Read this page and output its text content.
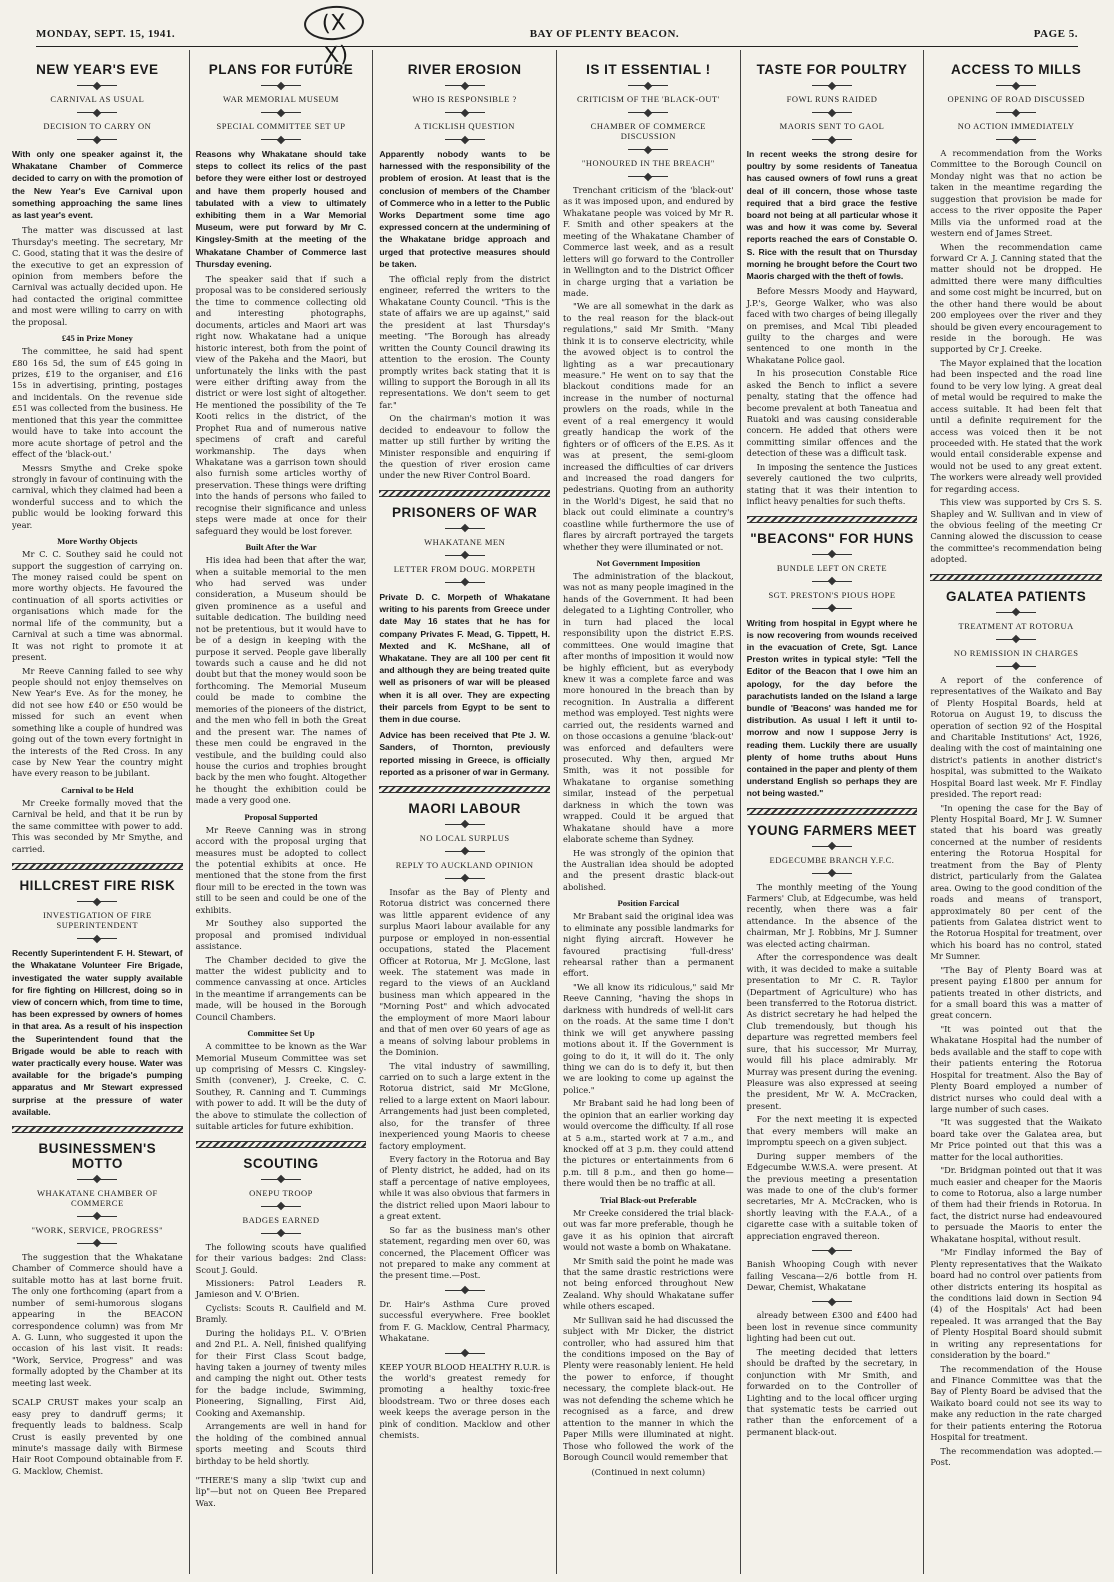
MONDAY, SEPT. 15, 1941.	(X X)
BAY OF PLENTY BEACON.	PAGE 5.
NEW YEAR'S EVE
CARNIVAL AS USUAL
DECISION TO CARRY ON
With only one speaker against it, the Whakatane Chamber of Commerce decided to carry on with the promotion of the New Year's Eve Carnival upon something approaching the same lines as last year's event.

The matter was discussed at last Thursday's meeting. The secretary, Mr C. Good, stating that it was the desire of the executive to get an expression of opinion from members before the Carnival was actually decided upon. He had contacted the original committee and most were willing to carry on with the proposal.

£45 in Prize Money

The committee, he said had spent £80 16s 5d, the sum of £45 going in prizes, £19 to the organiser, and £16 15s in advertising, printing, postages and incidentals. On the revenue side £51 was collected from the business. He mentioned that this year the committee would have to take into account the more acute shortage of petrol and the effect of the 'black-out.'

Messrs Smythe and Creke spoke strongly in favour of continuing with the carnival, which they claimed had been a wonderful success and to which the public would be looking forward this year.

More Worthy Objects

Mr C. C. Southey said he could not support the suggestion of carrying on. The money raised could be spent on more worthy objects. He favoured the continuation of all sports activities or organisations which made for the normal life of the community, but a Carnival at such a time was abnormal. It was not right to promote it at present.

Mr Reeve Canning failed to see why people should not enjoy themselves on New Year's Eve. As for the money, he did not see how £40 or £50 would be missed for such an event when something like a couple of hundred was going out of the town every fortnight in the interests of the Red Cross. In any case by New Year the country might have every reason to be jubilant.

Carnival to be Held

Mr Creeke formally moved that the Carnival be held, and that it be run by the same committee with power to add. This was seconded by Mr Smythe, and carried.

HILLCREST FIRE RISK
INVESTIGATION OF FIRE SUPERINTENDENT
Recently Superintendent F. H. Stewart, of the Whakatane Volunteer Fire Brigade, investigated the water supply available for fire fighting on Hillcrest, doing so in view of concern which, from time to time, has been expressed by owners of homes in that area. As a result of his inspection the Superintendent found that the Brigade would be able to reach with water practically every house. Water was available for the brigade's pumping apparatus and Mr Stewart expressed surprise at the pressure of water available.
BUSINESSMEN'S MOTTO
WHAKATANE CHAMBER OF COMMERCE
"WORK, SERVICE, PROGRESS"

The suggestion that the Whakatane Chamber of Commerce should have a suitable motto has at last borne fruit. The only one forthcoming (apart from a number of semi-humorous slogans appearing in the BEACON correspondence column) was from Mr A. G. Lunn, who suggested it upon the occasion of his last visit. It reads: "Work, Service, Progress" and was formally adopted by the Chamber at its meeting last week.

SCALP CRUST makes your scalp an easy prey to dandruff germs; it frequently leads to baldness. Scalp Crust is easily prevented by one minute's massage daily with Birmese Hair Root Compound obtainable from F. G. Macklow, Chemist.
PLANS FOR FUTURE
WAR MEMORIAL MUSEUM
SPECIAL COMMITTEE SET UP
Reasons why Whakatane should take steps to collect its relics of the past before they were either lost or destroyed and have them properly housed and tabulated with a view to ultimately exhibiting them in a War Memorial Museum, were put forward by Mr C. Kingsley-Smith at the meeting of the Whakatane Chamber of Commerce last Thursday evening.

The speaker said that if such a proposal was to be considered seriously the time to commence collecting old and interesting photographs, documents, articles and Maori art was right now. Whakatane had a unique historic interest, both from the point of view of the Pakeha and the Maori, but unfortunately the links with the past were either drifting away from the district or were lost sight of altogether. He mentioned the possibility of the Te Kooti relics in the district, of the Prophet Rua and of numerous native specimens of craft and careful workmanship. The days when Whakatane was a garrison town should also furnish some articles worthy of preservation. These things were drifting into the hands of persons who failed to recognise their significance and unless steps were made at once for their safeguard they would be lost forever.

Built After the War

His idea had been that after the war, when a suitable memorial to the men who had served was under consideration, a Museum should be given prominence as a useful and suitable dedication. The building need not be pretentious, but it would have to be of a design in keeping with the purpose it served. People gave liberally towards such a cause and he did not doubt but that the money would soon be forthcoming. The Memorial Museum could be made to combine the memories of the pioneers of the district, and the men who fell in both the Great and the present war. The names of these men could be engraved in the vestibule, and the building could also house the curios and trophies brought back by the men who fought. Altogether he thought the exhibition could be made a very good one.

Proposal Supported

Mr Reeve Canning was in strong accord with the proposal urging that measures must be adopted to collect the potential exhibits at once. He mentioned that the stone from the first flour mill to be erected in the town was still to be seen and could be one of the exhibits.

Mr Southey also supported the proposal and promised individual assistance.

The Chamber decided to give the matter the widest publicity and to commence canvassing at once. Articles in the meantime if arrangements can be made, will be housed in the Borough Council Chambers.

Committee Set Up

A committee to be known as the War Memorial Museum Committee was set up comprising of Messrs C. Kingsley-Smith (convener), J. Creeke, C. C. Southey, R. Canning and T. Cummings with power to add. It will be the duty of the above to stimulate the collection of suitable articles for future exhibition.

SCOUTING
ONEPU TROOP
BADGES EARNED

The following scouts have qualified for their various badges: 2nd Class: Scout J. Gould.

Missioners: Patrol Leaders R. Jamieson and V. O'Brien.

Cyclists: Scouts R. Caulfield and M. Bramly.

During the holidays P.L. V. O'Brien and 2nd P.L. A. Nell, finished qualifying for their First Class Scout badge, having taken a journey of twenty miles and camping the night out. Other tests for the badge include, Swimming, Pioneering, Signalling, First Aid, Cooking and Axemanship.

Arrangements are well in hand for the holding of the combined annual sports meeting and Scouts third birthday to be held shortly.

"THERE'S many a slip 'twixt cup and lip"—but not on Queen Bee Prepared Wax.
RIVER EROSION
WHO IS RESPONSIBLE ?
A TICKLISH QUESTION
Apparently nobody wants to be harnessed with the responsibility of the problem of erosion. At least that is the conclusion of members of the Chamber of Commerce who in a letter to the Public Works Department some time ago expressed concern at the undermining of the Whakatane bridge approach and urged that protective measures should be taken.

The official reply from the district engineer, referred the writers to the Whakatane County Council. "This is the state of affairs we are up against," said the president at last Thursday's meeting. "The Borough has already written the County Council drawing its attention to the erosion. The County promptly writes back stating that it is willing to support the Borough in all its representations. We don't seem to get far."

On the chairman's motion it was decided to endeavour to follow the matter up still further by writing the Minister responsible and enquiring if the question of river erosion came under the new River Control Board.

PRISONERS OF WAR
WHAKATANE MEN
LETTER FROM DOUG. MORPETH
Private D. C. Morpeth of Whakatane writing to his parents from Greece under date May 16 states that he has for company Privates F. Mead, G. Tippett, H. Mexted and K. McShane, all of Whakatane. They are all 100 per cent fit and although they are being treated quite well as prisoners of war will be pleased when it is all over. They are expecting their parcels from Egypt to be sent to them in due course.
Advice has been received that Pte J. W. Sanders, of Thornton, previously reported missing in Greece, is officially reported as a prisoner of war in Germany.
MAORI LABOUR
NO LOCAL SURPLUS
REPLY TO AUCKLAND OPINION

Insofar as the Bay of Plenty and Rotorua district was concerned there was little apparent evidence of any surplus Maori labour available for any purpose or employed in non-essential occupations, stated the Placement Officer at Rotorua, Mr J. McGlone, last week. The statement was made in regard to the views of an Auckland business man which appeared in the "Morning Post" and which advocated the employment of more Maori labour and that of men over 60 years of age as a means of solving labour problems in the Dominion.

The vital industry of sawmilling, carried on to such a large extent in the Rotorua district, said Mr McGlone, relied to a large extent on Maori labour. Arrangements had just been completed, also, for the transfer of three inexperienced young Maoris to cheese factory employment.

Every factory in the Rotorua and Bay of Plenty district, he added, had on its staff a percentage of native employees, while it was also obvious that farmers in the district relied upon Maori labour to a great extent.

So far as the business man's other statement, regarding men over 60, was concerned, the Placement Officer was not prepared to make any comment at the present time.—Post.

Dr. Hair's Asthma Cure proved successful everywhere. Free booklet from F. G. Macklow, Central Pharmacy, Whakatane.
KEEP YOUR BLOOD HEALTHY R.U.R. is the world's greatest remedy for promoting a healthy toxic-free bloodstream. Two or three doses each week keeps the average person in the pink of condition. Macklow and other chemists.
IS IT ESSENTIAL !
CRITICISM OF THE 'BLACK-OUT'
CHAMBER OF COMMERCE DISCUSSION
"HONOURED IN THE BREACH"

Trenchant criticism of the 'black-out' as it was imposed upon, and endured by Whakatane people was voiced by Mr R. F. Smith and other speakers at the meeting of the Whakatane Chamber of Commerce last week, and as a result letters will go forward to the Controller in Wellington and to the District Officer in charge urging that a variation be made.

"We are all somewhat in the dark as to the real reason for the black-out regulations," said Mr Smith. "Many think it is to conserve electricity, while the avowed object is to control the lighting as a war precautionary measure." He went on to say that the blackout conditions made for an increase in the number of nocturnal prowlers on the roads, while in the event of a real emergency it would greatly handicap the work of the fighters or of officers of the E.P.S. As it was at present, the semi-gloom increased the difficulties of car drivers and increased the road dangers for pedestrians. Quoting from an authority in the World's Digest, he said that no black out could eliminate a country's coastline while furthermore the use of flares by aircraft portrayed the targets whether they were illuminated or not.

Not Government Imposition

The administration of the blackout, was not as many people imagined in the hands of the Government. It had been delegated to a Lighting Controller, who in turn had placed the local responsibility upon the district E.P.S. committees. One would imagine that after months of imposition it would now be highly efficient, but as everybody knew it was a complete farce and was more honoured in the breach than by recognition. In Australia a different method was employed. Test nights were carried out, the residents warned and on those occasions a genuine 'black-out' was enforced and defaulters were prosecuted. Why then, argued Mr Smith, was it not possible for Whakatane to organise something similar, instead of the perpetual darkness in which the town was wrapped. Could it be argued that Whakatane should have a more elaborate scheme than Sydney.

He was strongly of the opinion that the Australian idea should be adopted and the present drastic black-out abolished.

Position Farcical

Mr Brabant said the original idea was to eliminate any possible landmarks for night flying aircraft. However he favoured practising 'full-dress' rehearsal rather than a permanent effort.

"We all know its ridiculous," said Mr Reeve Canning, "having the shops in darkness with hundreds of well-lit cars on the roads. At the same time I don't think we will get anywhere passing motions about it. If the Government is going to do it, it will do it. The only thing we can do is to defy it, but then we are looking to come up against the police."

Mr Brabant said he had long been of the opinion that an earlier working day would overcome the difficulty. If all rose at 5 a.m., started work at 7 a.m., and knocked off at 3 p.m. they could attend the pictures or entertainments from 6 p.m. till 8 p.m., and then go home—there would then be no traffic at all.

Trial Black-out Preferable

Mr Creeke considered the trial black-out was far more preferable, though he gave it as his opinion that aircraft would not waste a bomb on Whakatane.

Mr Smith said the point he made was that the same drastic restrictions were not being enforced throughout New Zealand. Why should Whakatane suffer while others escaped.

Mr Sullivan said he had discussed the subject with Mr Dicker, the district controller, who had assured him that the conditions imposed on the Bay of Plenty were reasonably lenient. He held the power to enforce, if thought necessary, the complete black-out. He was not defending the scheme which he recognised as a farce, and drew attention to the manner in which the Paper Mills were illuminated at night. Those who followed the work of the Borough Council would remember that

(Continued in next column)
TASTE FOR POULTRY
FOWL RUNS RAIDED
MAORIS SENT TO GAOL
In recent weeks the strong desire for poultry by some residents of Taneatua has caused owners of fowl runs a great deal of ill concern, those whose taste required that a bird grace the festive board not being at all particular whose it was and how it was come by. Several reports reached the ears of Constable O. S. Rice with the result that on Thursday morning he brought before the Court two Maoris charged with the theft of fowls.

Before Messrs Moody and Hayward, J.P.'s, George Walker, who was also faced with two charges of being illegally on premises, and Mcal Tibi pleaded guilty to the charges and were sentenced to one month in the Whakatane Police gaol.

In his prosecution Constable Rice asked the Bench to inflict a severe penalty, stating that the offence had become prevalent at both Taneatua and Ruatoki and was causing considerable concern. He added that others were committing similar offences and the detection of these was a difficult task.

In imposing the sentence the Justices severely cautioned the two culprits, stating that it was their intention to inflict heavy penalties for such thefts.

"BEACONS" FOR HUNS
BUNDLE LEFT ON CRETE
SGT. PRESTON'S PIOUS HOPE
Writing from hospital in Egypt where he is now recovering from wounds received in the evacuation of Crete, Sgt. Lance Preston writes in typical style: "Tell the Editor of the Beacon that I owe him an apology, for the day before the parachutists landed on the Island a large bundle of 'Beacons' was handed me for distribution. As usual I left it until to-morrow and now I suppose Jerry is reading them. Luckily there are usually plenty of home truths about Huns contained in the paper and plenty of them understand English so perhaps they are not being wasted."
YOUNG FARMERS MEET
EDGECUMBE BRANCH Y.F.C.

The monthly meeting of the Young Farmers' Club, at Edgecumbe, was held recently, when there was a fair attendance. In the absence of the chairman, Mr J. Robbins, Mr J. Sumner was elected acting chairman.

After the correspondence was dealt with, it was decided to make a suitable presentation to Mr C. R. Taylor (Department of Agriculture) who has been transferred to the Rotorua district. As district secretary he had helped the Club tremendously, but though his departure was regretted members feel sure, that his successor, Mr Murray, would fill his place admirably. Mr Murray was present during the evening. Pleasure was also expressed at seeing the president, Mr W. A. McCracken, present.

For the next meeting it is expected that every members will make an impromptu speech on a given subject.

During supper members of the Edgecumbe W.W.S.A. were present. At the previous meeting a presentation was made to one of the club's former secretaries, Mr A. McCracken, who is shortly leaving with the F.A.A., of a cigarette case with a suitable token of appreciation engraved thereon.

Banish Whooping Cough with never failing Vescana—2/6 bottle from H. Dewar, Chemist, Whakatane

already between £300 and £400 had been lost in revenue since community lighting had been cut out.

The meeting decided that letters should be drafted by the secretary, in conjunction with Mr Smith, and forwarded on to the Controller of Lighting and to the local officer urging that systematic tests be carried out rather than the enforcement of a permanent black-out.

ACCESS TO MILLS
OPENING OF ROAD DISCUSSED
NO ACTION IMMEDIATELY

A recommendation from the Works Committee to the Borough Council on Monday night was that no action be taken in the meantime regarding the suggestion that provision be made for access to the river opposite the Paper Mills via the unformed road at the western end of James Street.

When the recommendation came forward Cr A. J. Canning stated that the matter should not be dropped. He admitted there were many difficulties and some cost might be incurred, but on the other hand there would be about 200 employees over the river and they should be given every encouragement to reside in the borough. He was supported by Cr J. Creeke.

The Mayor explained that the location had been inspected and the road line found to be very low lying. A great deal of metal would be required to make the access suitable. It had been felt that until a definite requirement for the access was voiced then it be not proceeded with. He stated that the work would entail considerable expense and would not be used to any great extent. The workers were already well provided for regarding access.

This view was supported by Crs S. S. Shapley and W. Sullivan and in view of the obvious feeling of the meeting Cr Canning alowed the discussion to cease the committee's recommendation being adopted.

GALATEA PATIENTS
TREATMENT AT ROTORUA
NO REMISSION IN CHARGES

A report of the conference of representatives of the Waikato and Bay of Plenty Hospital Boards, held at Rotorua on August 19, to discuss the operation of section 92 of the Hospital and Charitable Institutions' Act, 1926, dealing with the cost of maintaining one district's patients in another district's hospital, was submitted to the Waikato Hospital Board last week. Mr F. Findlay presided. The report read:

"In opening the case for the Bay of Plenty Hospital Board, Mr J. W. Sumner stated that his board was greatly concerned at the number of residents entering the Rotorua Hospital for treatment from the Bay of Plenty district, particularly from the Galatea area. Owing to the good condition of the roads and means of transport, approximately 80 per cent of the patients from Galatea district went to the Rotorua Hospital for treatment, over which his board has no control, stated Mr Sumner.

"The Bay of Plenty Board was at present paying £1800 per annum for patients treated in other districts, and for a small board this was a matter of great concern.

"It was pointed out that the Whakatane Hospital had the number of beds available and the staff to cope with their patients entering the Rotorua Hospital for treatment. Also the Bay of Plenty Board employed a number of district nurses who could deal with a large number of such cases.

"It was suggested that the Waikato board take over the Galatea area, but Mr Price pointed out that this was a matter for the local authorities.

"Dr. Bridgman pointed out that it was much easier and cheaper for the Maoris to come to Rotorua, also a large number of them had their friends in Rotorua. In fact, the district nurse had endeavoured to persuade the Maoris to enter the Whakatane hospital, without result.

"Mr Findlay informed the Bay of Plenty representatives that the Waikato board had no control over patients from other districts entering its hospital as the conditions laid down in Section 94 (4) of the Hospitals' Act had been repealed. It was arranged that the Bay of Plenty Hospital Board should submit in writing any representations for consideration by the board."

The recommendation of the House and Finance Committee was that the Bay of Plenty Board be advised that the Waikato board could not see its way to make any reduction in the rate charged for their patients entering the Rotorua Hospital for treatment.

The recommendation was adopted.—Post.
